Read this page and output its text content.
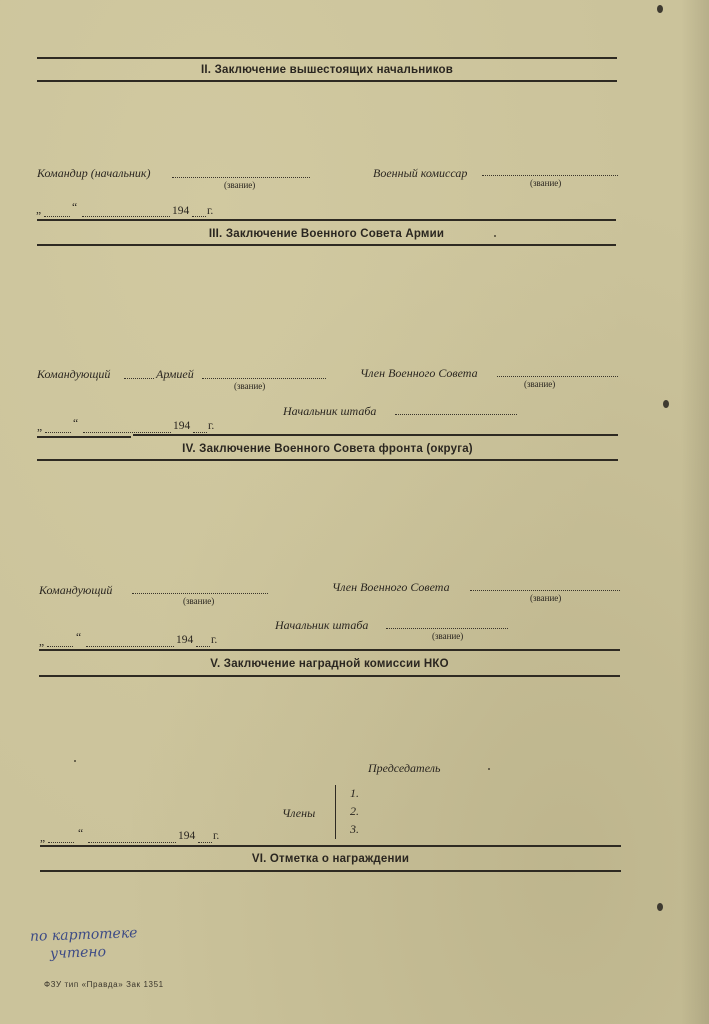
II. Заключение вышестоящих начальников
Командир (начальник)
(звание)
Военный комиссар
(звание)
„	“	194 г.
III. Заключение Военного Совета Армии
Командующий	Армией
(звание)
Член Военного Совета
(звание)
Начальник штаба
„	“	194 г.
IV. Заключение Военного Совета фронта (округа)
Командующий
(звание)
Член Военного Совета
(звание)
Начальник штаба
(звание)
„	“	194 г.
V. Заключение наградной комиссии НКО
Председатель
Члены
1.
2.
3.
„	“	194 г.
VI. Отметка о награждении
по картотеке
учтено
ФЗУ тип «Правда» Зак 1351
